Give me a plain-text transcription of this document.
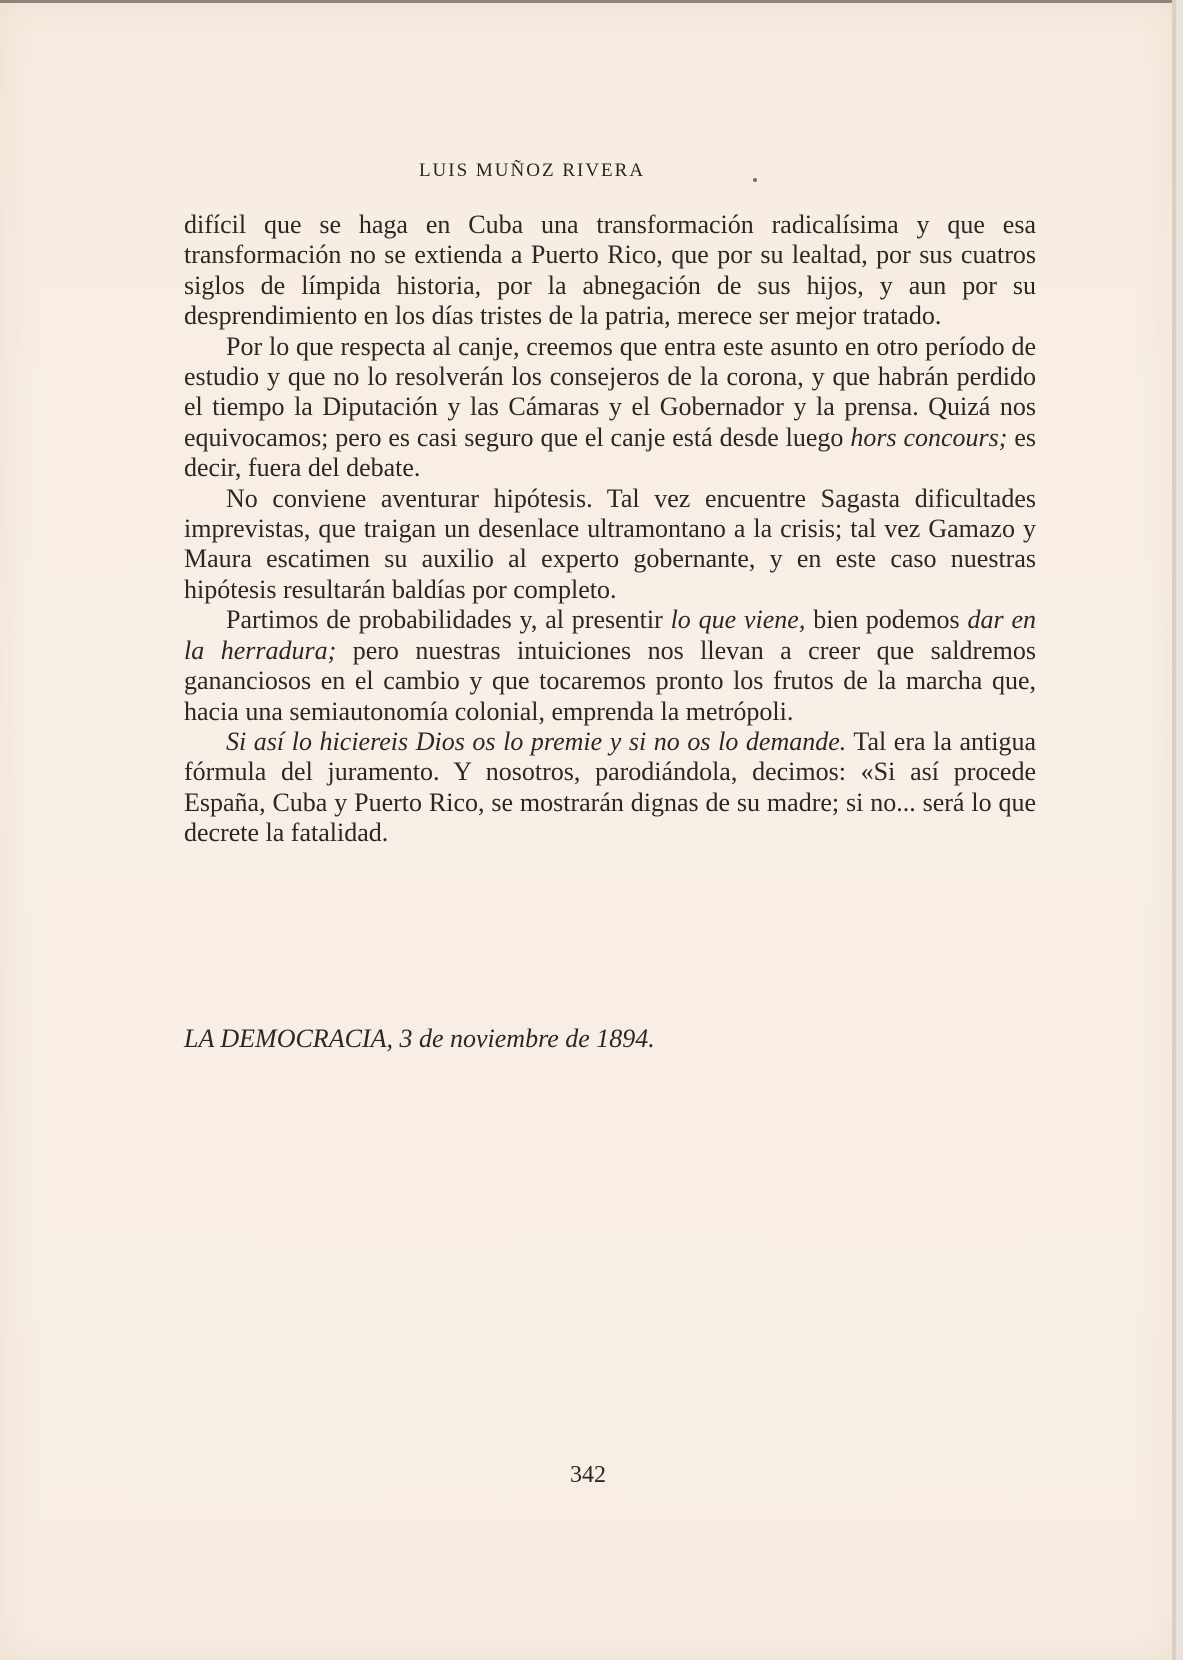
LUIS MUÑOZ RIVERA

difícil que se haga en Cuba una transformación radicalísima y que esa transformación no se extienda a Puerto Rico, que por su lealtad, por sus cuatros siglos de límpida historia, por la abnegación de sus hijos, y aun por su desprendimiento en los días tristes de la patria, merece ser mejor tratado.

Por lo que respecta al canje, creemos que entra este asunto en otro período de estudio y que no lo resolverán los consejeros de la corona, y que habrán perdido el tiempo la Diputación y las Cámaras y el Gobernador y la prensa. Quizá nos equivocamos; pero es casi seguro que el canje está desde luego hors concours; es decir, fuera del debate.

No conviene aventurar hipótesis. Tal vez encuentre Sagasta dificultades imprevistas, que traigan un desenlace ultramontano a la crisis; tal vez Gamazo y Maura escatimen su auxilio al experto gobernante, y en este caso nuestras hipótesis resultarán baldías por completo.

Partimos de probabilidades y, al presentir lo que viene, bien podemos dar en la herradura; pero nuestras intuiciones nos llevan a creer que saldremos gananciosos en el cambio y que tocaremos pronto los frutos de la marcha que, hacia una semiautonomía colonial, emprenda la metrópoli.

Si así lo hiciereis Dios os lo premie y si no os lo demande. Tal era la antigua fórmula del juramento. Y nosotros, parodiándola, decimos: «Si así procede España, Cuba y Puerto Rico, se mostrarán dignas de su madre; si no... será lo que decrete la fatalidad.

LA DEMOCRACIA, 3 de noviembre de 1894.
342
